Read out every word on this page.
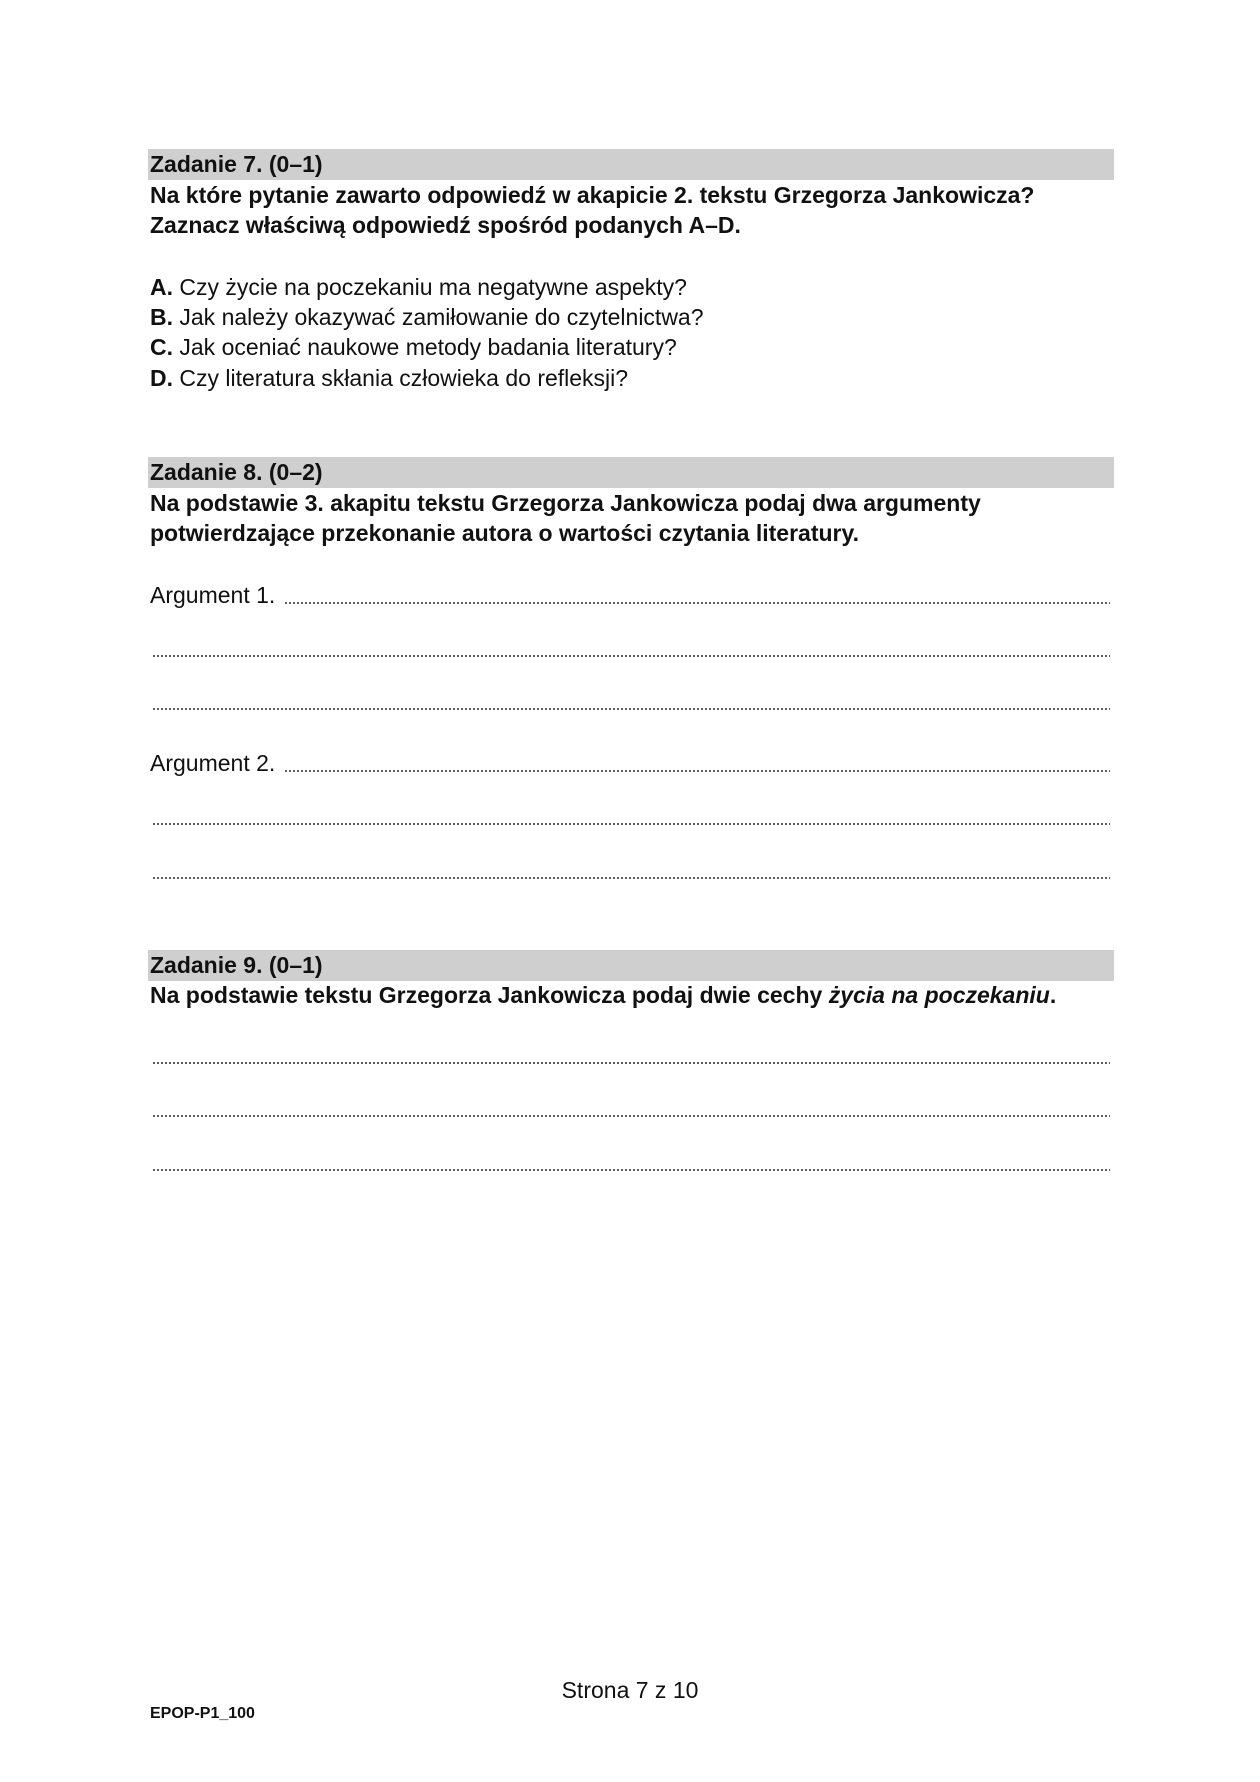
Zadanie 7. (0–1)
Na które pytanie zawarto odpowiedź w akapicie 2. tekstu Grzegorza Jankowicza?
Zaznacz właściwą odpowiedź spośród podanych A–D.
A. Czy życie na poczekaniu ma negatywne aspekty?
B. Jak należy okazywać zamiłowanie do czytelnictwa?
C. Jak oceniać naukowe metody badania literatury?
D. Czy literatura skłania człowieka do refleksji?
Zadanie 8. (0–2)
Na podstawie 3. akapitu tekstu Grzegorza Jankowicza podaj dwa argumenty
potwierdzające przekonanie autora o wartości czytania literatury.
Argument 1.
Argument 2.
Zadanie 9. (0–1)
Na podstawie tekstu Grzegorza Jankowicza podaj dwie cechy życia na poczekaniu.
Strona 7 z 10
EPOP-P1_100
